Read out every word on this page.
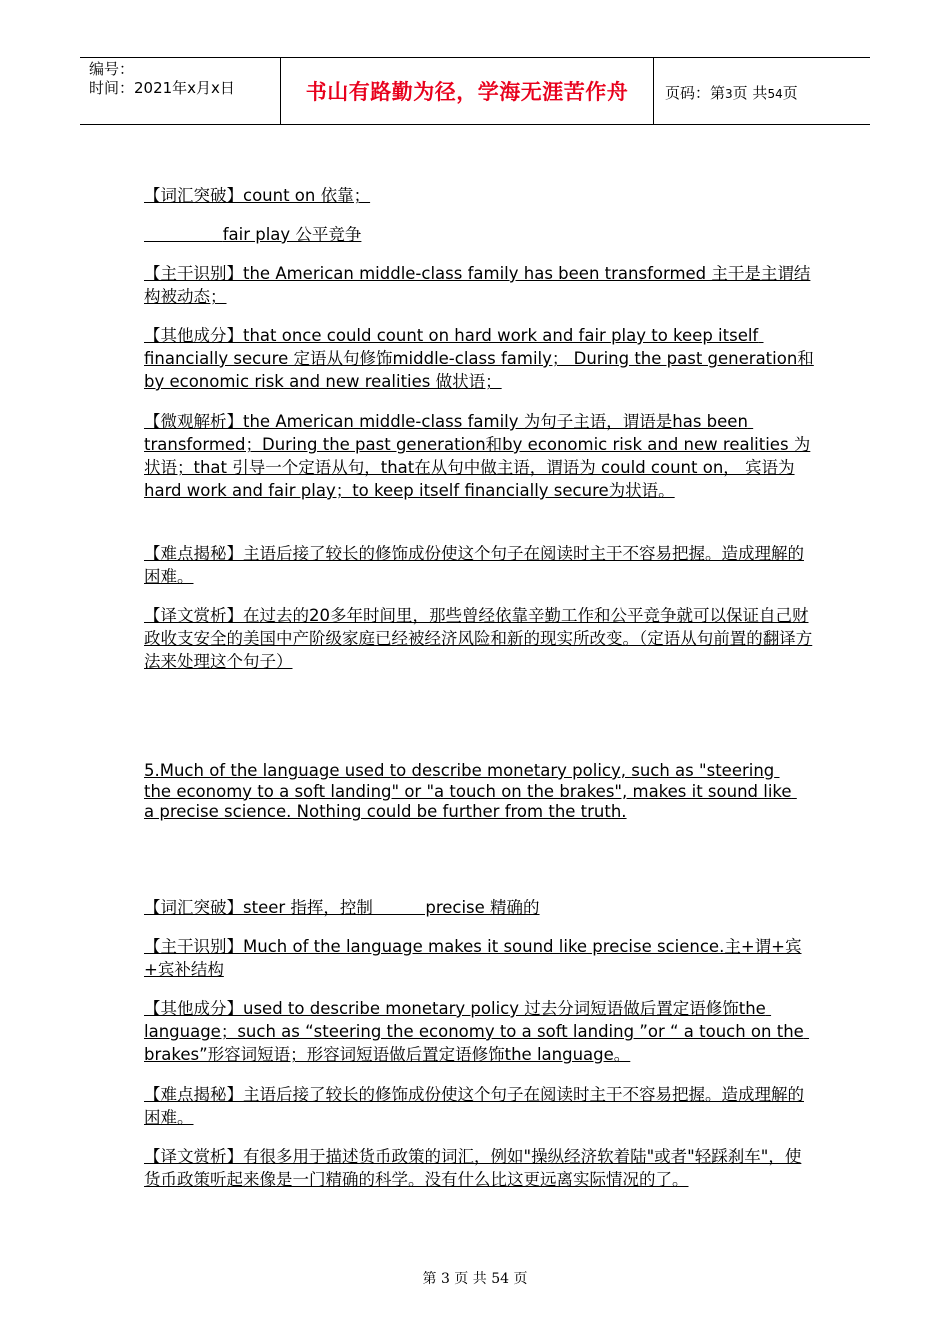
编号：
时间：2021年x月x日	书山有路勤为径，学海无涯苦作舟	页码：第3页 共54页

【词汇突破】count on 依靠；

fair play 公平竞争

【主干识别】the American middle-class family has been transformed 主干是主谓结构被动态；

【其他成分】that once could count on hard work and fair play to keep itself financially secure 定语从句修饰middle-class family； During the past generation和by economic risk and new realities 做状语；

【微观解析】the American middle-class family 为句子主语，谓语是has been transformed；During the past generation和by economic risk and new realities 为状语；that 引导一个定语从句，that在从句中做主语，谓语为 could count on， 宾语为hard work and fair play；to keep itself financially secure为状语。

【难点揭秘】主语后接了较长的修饰成份使这个句子在阅读时主干不容易把握。造成理解的困难。

【译文赏析】在过去的20多年时间里，那些曾经依靠辛勤工作和公平竞争就可以保证自己财政收支安全的美国中产阶级家庭已经被经济风险和新的现实所改变。（定语从句前置的翻译方法来处理这个句子）

5.Much of the language used to describe monetary policy, such as "steering the economy to a soft landing" or "a touch on the brakes", makes it sound like a precise science. Nothing could be further from the truth.

【词汇突破】steer 指挥，控制          precise 精确的

【主干识别】Much of the language makes it sound like precise science.主+谓+宾+宾补结构

【其他成分】used to describe monetary policy 过去分词短语做后置定语修饰the language；such as “steering the economy to a soft landing ”or “ a touch on the brakes”形容词短语；形容词短语做后置定语修饰the language。

【难点揭秘】主语后接了较长的修饰成份使这个句子在阅读时主干不容易把握。造成理解的困难。

【译文赏析】有很多用于描述货币政策的词汇，例如"操纵经济软着陆"或者"轻踩刹车"，使货币政策听起来像是一门精确的科学。没有什么比这更远离实际情况的了。

第 3 页 共 54 页
